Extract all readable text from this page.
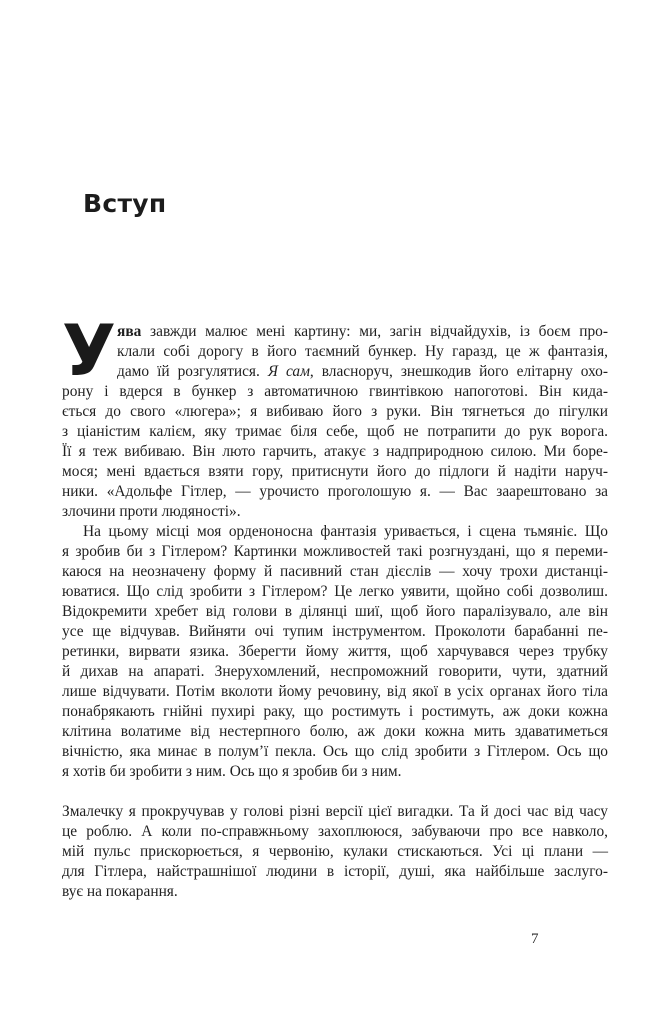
Вступ
У ява завжди малює мені картину: ми, загін відчайдухів, із боєм про-
клали собі дорогу в його таємний бункер. Ну гаразд, це ж фантазія,
дамо їй розгулятися. Я сам, власноруч, знешкодив його елітарну охо-
рону і вдерся в бункер з автоматичною гвинтівкою напоготові. Він кида-
ється до свого «люгера»; я вибиваю його з руки. Він тягнеться до пігулки
з ціаністим калієм, яку тримає біля себе, щоб не потрапити до рук ворога.
Її я теж вибиваю. Він люто гарчить, атакує з надприродною силою. Ми боре-
мося; мені вдається взяти гору, притиснути його до підлоги й надіти наруч-
ники. «Адольфе Гітлер, — урочисто проголошую я. — Вас заарештовано за
злочини проти людяності».
На цьому місці моя орденоносна фантазія уривається, і сцена тьмяніє. Що
я зробив би з Гітлером? Картинки можливостей такі розгнуздані, що я переми-
каюся на неозначену форму й пасивний стан дієслів — хочу трохи дистанці-
юватися. Що слід зробити з Гітлером? Це легко уявити, щойно собі дозволиш.
Відокремити хребет від голови в ділянці шиї, щоб його паралізувало, але він
усе ще відчував. Вийняти очі тупим інструментом. Проколоти барабанні пе-
ретинки, вирвати язика. Зберегти йому життя, щоб харчувався через трубку
й дихав на апараті. Знерухомлений, неспроможний говорити, чути, здатний
лише відчувати. Потім вколоти йому речовину, від якої в усіх органах його тіла
понабрякають гнійні пухирі раку, що ростимуть і ростимуть, аж доки кожна
клітина волатиме від нестерпного болю, аж доки кожна мить здаватиметься
вічністю, яка минає в полум’ї пекла. Ось що слід зробити з Гітлером. Ось що
я хотів би зробити з ним. Ось що я зробив би з ним.
Змалечку я прокручував у голові різні версії цієї вигадки. Та й досі час від часу
це роблю. А коли по-справжньому захоплююся, забуваючи про все навколо,
мій пульс прискорюється, я червонію, кулаки стискаються. Усі ці плани —
для Гітлера, найстрашнішої людини в історії, душі, яка найбільше заслуго-
вує на покарання.
7
